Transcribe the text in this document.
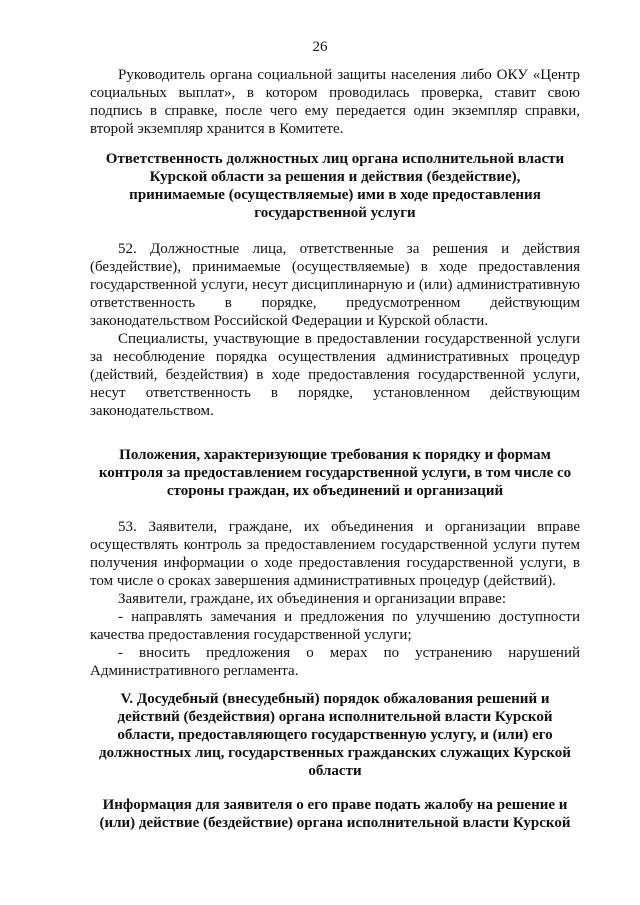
26

Руководитель органа социальной защиты населения либо ОКУ «Центр социальных выплат», в котором проводилась проверка, ставит свою подпись в справке, после чего ему передается один экземпляр справки, второй экземпляр хранится в Комитете.

Ответственность должностных лиц органа исполнительной власти Курской области за решения и действия (бездействие), принимаемые (осуществляемые) ими в ходе предоставления государственной услуги

52. Должностные лица, ответственные за решения и действия (бездействие), принимаемые (осуществляемые) в ходе предоставления государственной услуги, несут дисциплинарную и (или) административную ответственность в порядке, предусмотренном действующим законодательством Российской Федерации и Курской области.

Специалисты, участвующие в предоставлении государственной услуги за несоблюдение порядка осуществления административных процедур (действий, бездействия) в ходе предоставления государственной услуги, несут ответственность в порядке, установленном действующим законодательством.

Положения, характеризующие требования к порядку и формам контроля за предоставлением государственной услуги, в том числе со стороны граждан, их объединений и организаций

53. Заявители, граждане, их объединения и организации вправе осуществлять контроль за предоставлением государственной услуги путем получения информации о ходе предоставления государственной услуги, в том числе о сроках завершения административных процедур (действий).

Заявители, граждане, их объединения и организации вправе:

- направлять замечания и предложения по улучшению доступности качества предоставления государственной услуги;

- вносить предложения о мерах по устранению нарушений Административного регламента.

V. Досудебный (внесудебный) порядок обжалования решений и действий (бездействия) органа исполнительной власти Курской области, предоставляющего государственную услугу, и (или) его должностных лиц, государственных гражданских служащих Курской области

Информация для заявителя о его праве подать жалобу на решение и (или) действие (бездействие) органа исполнительной власти Курской
